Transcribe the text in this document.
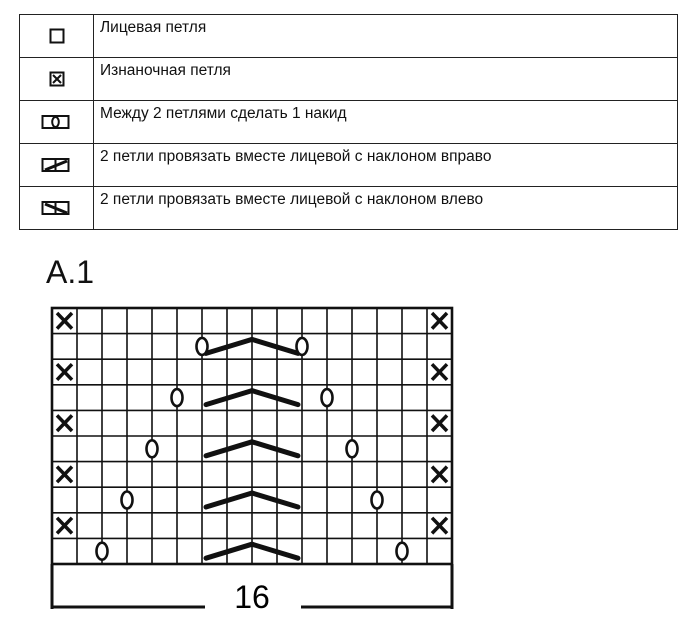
	Лицевая петля

	Изнаночная петля

	Между 2 петлями сделать 1 накид

	2 петли провязать вместе лицевой с наклоном вправо

	2 петли провязать вместе лицевой с наклоном влево
A.1
16
